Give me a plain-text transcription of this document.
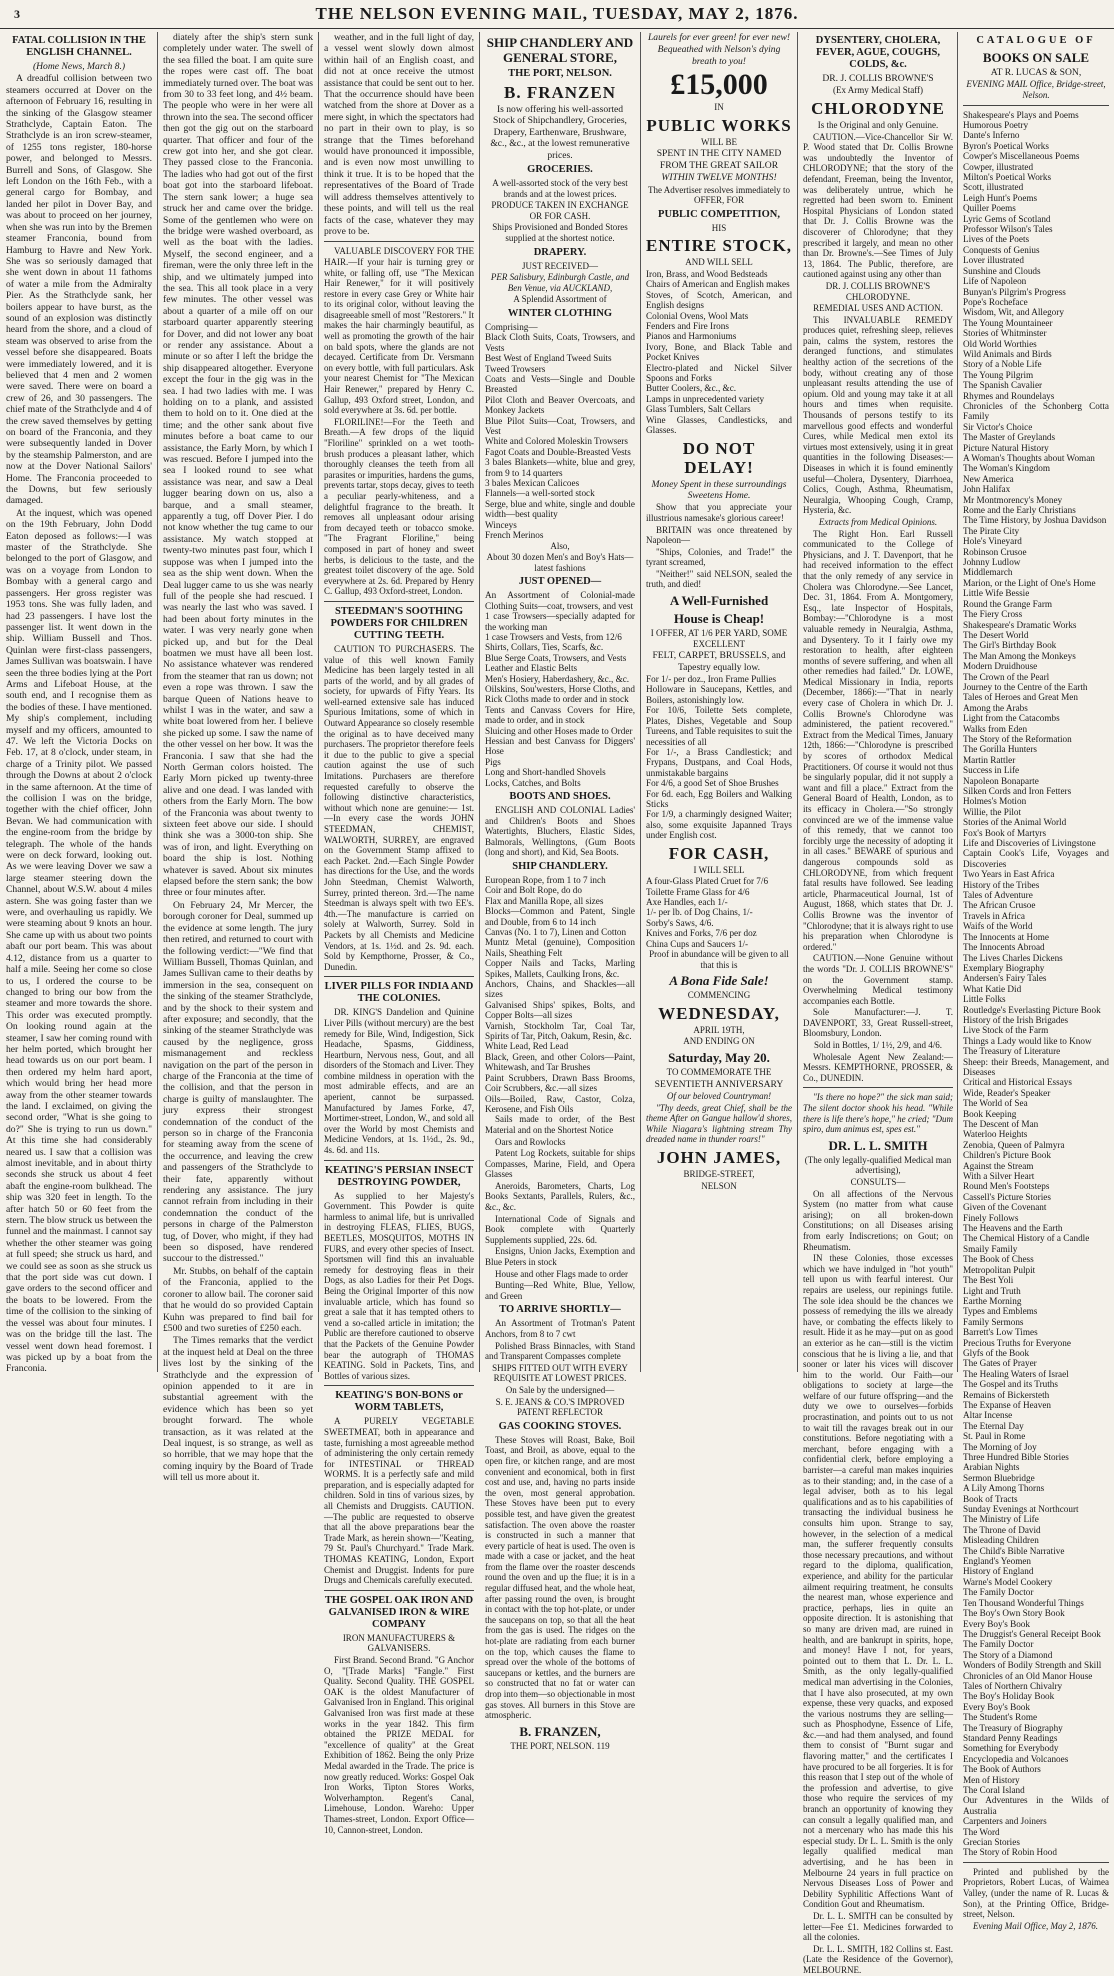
3	THE NELSON EVENING MAIL, TUESDAY, MAY 2, 1876.
FATAL COLLISION IN THE ENGLISH CHANNEL.

(Home News, March 8.)

A dreadful collision between two steamers occurred at Dover on the afternoon of February 16, resulting in the sinking of the Glasgow steamer Strathclyde, Captain Eaton. The Strathclyde is an iron screw-steamer, of 1255 tons register, 180-horse power, and belonged to Messrs. Burrell and Sons, of Glasgow. She left London on the 16th Feb., with a general cargo for Bombay, and landed her pilot in Dover Bay, and was about to proceed on her journey, when she was run into by the Bremen steamer Franconia, bound from Hamburg to Havre and New York. She was so seriously damaged that she went down in about 11 fathoms of water a mile from the Admiralty Pier. As the Strathclyde sank, her boilers appear to have burst, as the sound of an explosion was distinctly heard from the shore, and a cloud of steam was observed to arise from the vessel before she disappeared. Boats were immediately lowered, and it is believed that 4 men and 2 women were saved. There were on board a crew of 26, and 30 passengers. The chief mate of the Strathclyde and 4 of the crew saved themselves by getting on board of the Franconia, and they were subsequently landed in Dover by the steamship Palmerston, and are now at the Dover National Sailors' Home. The Franconia proceeded to the Downs, but few seriously damaged.

At the inquest, which was opened on the 19th February, John Dodd Eaton deposed as follows:—I was master of the Strathclyde. She belonged to the port of Glasgow, and was on a voyage from London to Bombay with a general cargo and passengers. Her gross register was 1953 tons. She was fully laden, and had 23 passengers. I have lost the passenger list. It went down in the ship. William Bussell and Thos. Quinlan were first-class passengers, James Sullivan was boatswain. I have seen the three bodies lying at the Port Arms and Lifeboat House, at the south end, and I recognise them as the bodies of these. I have mentioned. My ship's complement, including myself and my officers, amounted to 47. We left the Victoria Docks on Feb. 17, at 8 o'clock, under steam, in charge of a Trinity pilot. We passed through the Downs at about 2 o'clock in the same afternoon. At the time of the collision I was on the bridge, together with the chief officer, John Bevan. We had communication with the engine-room from the bridge by telegraph. The whole of the hands were on deck forward, looking out. As we were leaving Dover we saw a large steamer steering down the Channel, about W.S.W. about 4 miles astern. She was going faster than we were, and overhauling us rapidly. We were steaming about 9 knots an hour. She came up with us about two points abaft our port beam. This was about 4.12, distance from us a quarter to half a mile. Seeing her come so close to us, I ordered the course to be changed to bring our bow from the steamer and more towards the shore. This order was executed promptly. On looking round again at the steamer, I saw her coming round with her helm ported, which brought her head towards us on our port beam. I then ordered my helm hard aport, which would bring her head more away from the other steamer towards the land. I exclaimed, on giving the second order, "What is she going to do?" She is trying to run us down." At this time she had considerably neared us. I saw that a collision was almost inevitable, and in about thirty seconds she struck us about 4 feet abaft the engine-room bulkhead. The ship was 320 feet in length. To the after hatch 50 or 60 feet from the stern. The blow struck us between the funnel and the mainmast. I cannot say whether the other steamer was going at full speed; she struck us hard, and we could see as soon as she struck us that the port side was cut down. I gave orders to the second officer and the boats to be lowered. From the time of the collision to the sinking of the vessel was about four minutes. I was on the bridge till the last. The vessel went down head foremost. I was picked up by a boat from the Franconia.

diately after the ship's stern sunk completely under water. The swell of the sea filled the boat. I am quite sure the ropes were cast off. The boat immediately turned over. The boat was from 30 to 33 feet long, and 4½ beam. The people who were in her were all thrown into the sea. The second officer then got the gig out on the starboard quarter. That officer and four of the crew got into her, and she got clear. They passed close to the Franconia. The ladies who had got out of the first boat got into the starboard lifeboat. The stern sank lower; a huge sea struck her and came over the bridge. Some of the gentlemen who were on the bridge were washed overboard, as well as the boat with the ladies. Myself, the second engineer, and a fireman, were the only three left in the ship, and we ultimately jumped into the sea. This all took place in a very few minutes. The other vessel was about a quarter of a mile off on our starboard quarter apparently steering for Dover, and did not lower any boat or render any assistance. About a minute or so after I left the bridge the ship disappeared altogether. Everyone except the four in the gig was in the sea. I had two ladies with me. I was holding on to a plank, and assisted them to hold on to it. One died at the time; and the other sank about five minutes before a boat came to our assistance, the Early Morn, by which I was rescued. Before I jumped into the sea I looked round to see what assistance was near, and saw a Deal lugger bearing down on us, also a barque, and a small steamer, apparently a tug, off Dover Pier. I do not know whether the tug came to our assistance. My watch stopped at twenty-two minutes past four, which I suppose was when I jumped into the sea as the ship went down. When the Deal lugger came to us she was nearly full of the people she had rescued. I was nearly the last who was saved. I had been about forty minutes in the water. I was very nearly gone when picked up, and but for the Deal boatmen we must have all been lost. No assistance whatever was rendered from the steamer that ran us down; not even a rope was thrown. I saw the barque Queen of Nations heave to whilst I was in the water, and saw a white boat lowered from her. I believe she picked up some. I saw the name of the other vessel on her bow. It was the Franconia. I saw that she had the North German colors hoisted. The Early Morn picked up twenty-three alive and one dead. I was landed with others from the Early Morn. The bow of the Franconia was about twenty to sixteen feet above our side. I should think she was a 3000-ton ship. She was of iron, and light. Everything on board the ship is lost. Nothing whatever is saved. About six minutes elapsed before the stern sank; the bow three or four minutes after.

On February 24, Mr Mercer, the borough coroner for Deal, summed up the evidence at some length. The jury then retired, and returned to court with the following verdict:—"We find that William Bussell, Thomas Quinlan, and James Sullivan came to their deaths by immersion in the sea, consequent on the sinking of the steamer Strathclyde, and by the shock to their system and after exposure; and secondly, that the sinking of the steamer Strathclyde was caused by the negligence, gross mismanagement and reckless navigation on the part of the person in charge of the Franconia at the time of the collision, and that the person in charge is guilty of manslaughter. The jury express their strongest condemnation of the conduct of the person so in charge of the Franconia for steaming away from the scene of the occurrence, and leaving the crew and passengers of the Strathclyde to their fate, apparently without rendering any assistance. The jury cannot refrain from including in their condemnation the conduct of the persons in charge of the Palmerston tug, of Dover, who might, if they had been so disposed, have rendered succour to the distressed."

Mr. Stubbs, on behalf of the captain of the Franconia, applied to the coroner to allow bail. The coroner said that he would do so provided Captain Kuhn was prepared to find bail for £500 and two sureties of £250 each.

The Times remarks that the verdict at the inquest held at Deal on the three lives lost by the sinking of the Strathclyde and the expression of opinion appended to it are in substantial agreement with the evidence which has been so yet brought forward. The whole transaction, as it was related at the Deal inquest, is so strange, as well as so horrible, that we may hope that the coming inquiry by the Board of Trade will tell us more about it.

weather, and in the full light of day, a vessel went slowly down almost within hail of an English coast, and did not at once receive the utmost assistance that could be sent out to her. That the occurrence should have been watched from the shore at Dover as a mere sight, in which the spectators had no part in their own to play, is so strange that the Times beforehand would have pronounced it impossible, and is even now most unwilling to think it true. It is to be hoped that the representatives of the Board of Trade will address themselves attentively to these points, and will tell us the real facts of the case, whatever they may prove to be.

VALUABLE DISCOVERY FOR THE HAIR.—If your hair is turning grey or white, or falling off, use "The Mexican Hair Renewer," for it will positively restore in every case Grey or White hair to its original color, without leaving the disagreeable smell of most "Restorers." It makes the hair charmingly beautiful, as well as promoting the growth of the hair on bald spots, where the glands are not decayed. Certificate from Dr. Versmann on every bottle, with full particulars. Ask your nearest Chemist for "The Mexican Hair Renewer," prepared by Henry C. Gallup, 493 Oxford street, London, and sold everywhere at 3s. 6d. per bottle.

FLORILINE!—For the Teeth and Breath.—A few drops of the liquid "Floriline" sprinkled on a wet tooth-brush produces a pleasant lather, which thoroughly cleanses the teeth from all parasites or impurities, hardens the gums, prevents tartar, stops decay, gives to teeth a peculiar pearly-whiteness, and a delightful fragrance to the breath. It removes all unpleasant odour arising from decayed teeth or tobacco smoke. "The Fragrant Floriline," being composed in part of honey and sweet herbs, is delicious to the taste, and the greatest toilet discovery of the age. Sold everywhere at 2s. 6d. Prepared by Henry C. Gallup, 493 Oxford-street, London.

STEEDMAN'S SOOTHING POWDERS FOR CHILDREN CUTTING TEETH.

CAUTION TO PURCHASERS. The value of this well known Family Medicine has been largely tested in all parts of the world, and by all grades of society, for upwards of Fifty Years. Its well-earned extensive sale has induced Spurious Imitations, some of which in Outward Appearance so closely resemble the original as to have deceived many purchasers. The proprietor therefore feels it due to the public to give a special caution against the use of such Imitations. Purchasers are therefore requested carefully to observe the following distinctive characteristics, without which none are genuine:— 1st.—In every case the words JOHN STEEDMAN, CHEMIST, WALWORTH, SURREY, are engraved on the Government Stamp affixed to each Packet. 2nd.—Each Single Powder has directions for the Use, and the words John Steedman, Chemist Walworth, Surrey, printed thereon. 3rd.—The name Steedman is always spelt with two EE's. 4th.—The manufacture is carried on solely at Walworth, Surrey. Sold in Packets by all Chemists and Medicine Vendors, at 1s. 1½d. and 2s. 9d. each. Sold by Kempthorne, Prosser, & Co., Dunedin.

LIVER PILLS FOR INDIA AND THE COLONIES.

DR. KING'S Dandelion and Quinine Liver Pills (without mercury) are the best remedy for Bile, Wind, Indigestion, Sick Headache, Spasms, Giddiness, Heartburn, Nervous ness, Gout, and all disorders of the Stomach and Liver. They combine mildness in operation with the most admirable effects, and are an aperient, cannot be surpassed. Manufactured by James Forke, 47, Mortimer-street, London, W., and sold all over the World by most Chemists and Medicine Vendors, at 1s. 1½d., 2s. 9d., 4s. 6d. and 11s.

KEATING'S PERSIAN INSECT DESTROYING POWDER,

As supplied to her Majesty's Government. This Powder is quite harmless to animal life, but is unrivalled in destroying FLEAS, FLIES, BUGS, BEETLES, MOSQUITOS, MOTHS IN FURS, and every other species of Insect. Sportsmen will find this an invaluable remedy for destroying fleas in their Dogs, as also Ladies for their Pet Dogs. Being the Original Importer of this now invaluable article, which has found so great a sale that it has tempted others to vend a so-called article in imitation; the Public are therefore cautioned to observe that the Packets of the Genuine Powder bear the autograph of THOMAS KEATING. Sold in Packets, Tins, and Bottles of various sizes.

KEATING'S BON-BONS or WORM TABLETS,

A PURELY VEGETABLE SWEETMEAT, both in appearance and taste, furnishing a most agreeable method of administering the only certain remedy for INTESTINAL or THREAD WORMS. It is a perfectly safe and mild preparation, and is especially adapted for children. Sold in tins of various sizes, by all Chemists and Druggists. CAUTION.—The public are requested to observe that all the above preparations bear the Trade Mark, as herein shown—"Keating, 79 St. Paul's Churchyard." Trade Mark. THOMAS KEATING, London, Export Chemist and Druggist. Indents for pure Drugs and Chemicals carefully executed.

THE GOSPEL OAK IRON AND GALVANISED IRON & WIRE COMPANY

IRON MANUFACTURERS & GALVANISERS.

First Brand. Second Brand. "G Anchor O, "[Trade Marks] "Fangle." First Quality. Second Quality. THE GOSPEL OAK is the oldest Manufacturer of Galvanised Iron in England. This original Galvanised Iron was first made at these works in the year 1842. This firm obtained the PRIZE MEDAL for "excellence of quality" at the Great Exhibition of 1862. Being the only Prize Medal awarded in the Trade. The price is now greatly reduced. Works: Gospel Oak Iron Works, Tipton Stores Works, Wolverhampton. Regent's Canal, Limehouse, London. Wareho: Upper Thames-street, London. Export Office—10, Cannon-street, London.

SHIP CHANDLERY AND GENERAL STORE,
THE PORT, NELSON.
B. FRANZEN

Is now offering his well-assorted Stock of Shipchandlery, Groceries, Drapery, Earthenware, Brushware, &c., &c., at the lowest remunerative prices.

GROCERIES.

A well-assorted stock of the very best brands and at the lowest prices.

PRODUCE TAKEN IN EXCHANGE OR FOR CASH.

Ships Provisioned and Bonded Stores supplied at the shortest notice.

DRAPERY.

JUST RECEIVED—

PER Salisbury, Edinburgh Castle, and Ben Venue, via AUCKLAND,

A Splendid Assortment of

WINTER CLOTHING
Comprising—
Black Cloth Suits, Coats, Trowsers, and Vests
Best West of England Tweed Suits
Tweed Trowsers
Coats and Vests—Single and Double Breasted
Pilot Cloth and Beaver Overcoats, and Monkey Jackets
Blue Pilot Suits—Coat, Trowsers, and Vest
White and Colored Moleskin Trowsers
Fagot Coats and Double-Breasted Vests
3 bales Blankets—white, blue and grey, from 9 to 14 quarters
3 bales Mexican Calicoes
Flannels—a well-sorted stock
Serge, blue and white, single and double width—best quality
Winceys
French Merinos

Also,

About 30 dozen Men's and Boy's Hats—latest fashions

JUST OPENED—
An Assortment of Colonial-made Clothing Suits—coat, trowsers, and vest
1 case Trowsers—specially adapted for the working man
1 case Trowsers and Vests, from 12/6
Shirts, Collars, Ties, Scarfs, &c.
Blue Serge Coats, Trowsers, and Vests
Leather and Elastic Belts
Men's Hosiery, Haberdashery, &c., &c.
Oilskins, Sou'westers, Horse Cloths, and Rick Cloths made to order and in stock
Tents and Canvass Covers for Hire, made to order, and in stock
Sluicing and other Hoses made to Order
Hessian and best Canvass for Diggers' Hose
Pigs
Long and Short-handled Shovels
Locks, Catches, and Bolts
BOOTS AND SHOES.

ENGLISH AND COLONIAL Ladies' and Children's Boots and Shoes Watertights, Bluchers, Elastic Sides, Balmorals, Wellingtons, (Gum Boots (long and short), and Kid, Sea Boots.

SHIP CHANDLERY.
European Rope, from 1 to 7 inch
Coir and Bolt Rope, do do
Flax and Manilla Rope, all sizes
Blocks—Common and Patent, Single and Double, from 6 to 14 inch
Canvas (No. 1 to 7), Linen and Cotton
Muntz Metal (genuine), Composition Nails, Sheathing Felt
Copper Nails and Tacks, Marling Spikes, Mallets, Caulking Irons, &c.
Anchors, Chains, and Shackles—all sizes
Galvanised Ships' spikes, Bolts, and Copper Bolts—all sizes
Varnish, Stockholm Tar, Coal Tar, Spirits of Tar, Pitch, Oakum, Resin, &c.
White Lead, Red Lead
Black, Green, and other Colors—Paint, Whitewash, and Tar Brushes
Paint Scrubbers, Drawn Bass Brooms, Coir Scrubbers, &c.—all sizes
Oils—Boiled, Raw, Castor, Colza, Kerosene, and Fish Oils

Sails made to order, of the Best Material and on the Shortest Notice

Oars and Rowlocks

Patent Log Rockets, suitable for ships Compasses, Marine, Field, and Opera Glasses

Aneroids, Barometers, Charts, Log Books Sextants, Parallels, Rulers, &c., &c., &c.

International Code of Signals and Book complete with Quarterly Supplements supplied, 22s. 6d.

Ensigns, Union Jacks, Exemption and Blue Peters in stock

House and other Flags made to order

Bunting—Red White, Blue, Yellow, and Green

TO ARRIVE SHORTLY—

An Assortment of Trotman's Patent Anchors, from 8 to 7 cwt

Polished Brass Binnacles, with Stand and Transparent Compasses complete

SHIPS FITTED OUT WITH EVERY REQUISITE AT LOWEST PRICES.

On Sale by the undersigned—

S. E. JEANS & CO.'S IMPROVED PATENT REFLECTOR

GAS COOKING STOVES.

These Stoves will Roast, Bake, Boil Toast, and Broil, as above, equal to the open fire, or kitchen range, and are most convenient and economical, both in first cost and use, and, having no parts inside the oven, most general approbation. These Stoves have been put to every possible test, and have given the greatest satisfaction. The oven above the roaster is constructed in such a manner that every particle of heat is used. The oven is made with a case or jacket, and the heat from the flame over the roaster descends round the oven and up the flue; it is in a regular diffused heat, and the whole heat, after passing round the oven, is brought in contact with the top hot-plate, or under the saucepans on top, so that all the heat from the gas is used. The ridges on the hot-plate are radiating from each burner on the top, which causes the flame to spread over the whole of the bottoms of saucepans or kettles, and the burners are so constructed that no fat or water can drop into them—so objectionable in most gas stoves. All burners in this Stove are atmospheric.

B. FRANZEN,

THE PORT, NELSON. 119

Laurels for ever green! for ever new!

Bequeathed with Nelson's dying breath to you!

£15,000

IN

PUBLIC WORKS

WILL BE

SPENT IN THE CITY NAMED FROM THE GREAT SAILOR

WITHIN TWELVE MONTHS!

The Advertiser resolves immediately to OFFER, FOR

PUBLIC COMPETITION,

HIS

ENTIRE STOCK,

AND WILL SELL

Iron, Brass, and Wood Bedsteads
Chairs of American and English makes
Stoves, of Scotch, American, and English designs
Colonial Ovens, Wool Mats
Fenders and Fire Irons
Pianos and Harmoniums
Ivory, Bone, and Black Table and Pocket Knives
Electro-plated and Nickel Silver Spoons and Forks
Butter Coolers, &c., &c.
Lamps in unprecedented variety
Glass Tumblers, Salt Cellars
Wine Glasses, Candlesticks, and Glasses.
DO NOT DELAY!

Money Spent in these surroundings Sweetens Home.

Show that you appreciate your illustrious namesake's glorious career!

BRITAIN was once threatened by Napoleon—

"Ships, Colonies, and Trade!" the tyrant screamed,

"Neither!" said NELSON, sealed the truth, and died!

A Well-Furnished
House is Cheap!

I OFFER, AT 1/6 PER YARD, SOME EXCELLENT

FELT, CARPET, BRUSSELS, and Tapestry equally low.

For 1/- per doz., Iron Frame Pullies
Holloware in Saucepans, Kettles, and Boilers, astonishingly low.
For 10/6, Toilette Sets complete, Plates, Dishes, Vegetable and Soup Tureens, and Table requisites to suit the necessities of all
For 1/-, a Brass Candlestick; and Frypans, Dustpans, and Coal Hods, unmistakable bargains
For 4/6, a good Set of Shoe Brushes
For 6d. each, Egg Boilers and Walking Sticks
For 1/9, a charmingly designed Waiter; also, some exquisite Japanned Trays under English cost.
FOR CASH,

I WILL SELL

A four-Glass Plated Cruet for 7/6
Toilette Frame Glass for 4/6
Axe Handles, each 1/-
1/- per lb. of Dog Chains, 1/-
Sorby's Saws, 4/6.
Knives and Forks, 7/6 per doz
China Cups and Saucers 1/-

Proof in abundance will be given to all that this is

A Bona Fide Sale!

COMMENCING

WEDNESDAY,

APRIL 19TH,

AND ENDING ON

Saturday, May 20.

TO COMMEMORATE THE

SEVENTIETH ANNIVERSARY

Of our beloved Countryman!

"Thy deeds, great Chief, shall be the theme After on Gangue hallow'd shores, While Niagara's lightning stream Thy dreaded name in thunder roars!"

JOHN JAMES,

BRIDGE-STREET,

NELSON

DYSENTERY, CHOLERA, FEVER, AGUE, COUGHS, COLDS, &c.

DR. J. COLLIS BROWNE'S

(Ex Army Medical Staff)

CHLORODYNE

Is the Original and only Genuine.

CAUTION.—Vice-Chancellor Sir W. P. Wood stated that Dr. Collis Browne was undoubtedly the Inventor of CHLORODYNE; that the story of the defendant, Freeman, being the Inventor, was deliberately untrue, which he regretted had been sworn to. Eminent Hospital Physicians of London stated that Dr. J. Collis Browne was the discoverer of Chlorodyne; that they prescribed it largely, and mean no other than Dr. Browne's.—See Times of July 13, 1864. The Public, therefore, are cautioned against using any other than

DR. J. COLLIS BROWNE'S CHLORODYNE.

REMEDIAL USES AND ACTION.

This INVALUABLE REMEDY produces quiet, refreshing sleep, relieves pain, calms the system, restores the deranged functions, and stimulates healthy action of the secretions of the body, without creating any of those unpleasant results attending the use of opium. Old and young may take it at all hours and times when requisite. Thousands of persons testify to its marvellous good effects and wonderful Cures, while Medical men extol its virtues most extensively, using it in great quantities in the following Diseases:— Diseases in which it is found eminently useful—Cholera, Dysentery, Diarrhoea, Colics, Cough, Asthma, Rheumatism, Neuralgia, Whooping Cough, Cramp, Hysteria, &c.

Extracts from Medical Opinions.

The Right Hon. Earl Russell communicated to the College of Physicians, and J. T. Davenport, that he had received information to the effect that the only remedy of any service in Cholera was Chlorodyne.—See Lancet, Dec. 31, 1864. From A. Montgomery, Esq., late Inspector of Hospitals, Bombay:—"Chlorodyne is a most valuable remedy in Neuralgia, Asthma, and Dysentery. To it I fairly owe my restoration to health, after eighteen months of severe suffering, and when all other remedies had failed." Dr. LOWE, Medical Missionary in India, reports (December, 1866):—"That in nearly every case of Cholera in which Dr. J. Collis Browne's Chlorodyne was administered, the patient recovered." Extract from the Medical Times, January 12th, 1866:—"Chlorodyne is prescribed by scores of orthodox Medical Practitioners. Of course it would not thus be singularly popular, did it not supply a want and fill a place." Extract from the General Board of Health, London, as to its efficacy in Cholera.—"So strongly convinced are we of the immense value of this remedy, that we cannot too forcibly urge the necessity of adopting it in all cases." BEWARE of spurious and dangerous compounds sold as CHLORODYNE, from which frequent fatal results have followed. See leading article, Pharmaceutical Journal, 1st of August, 1868, which states that Dr. J. Collis Browne was the inventor of "Chlorodyne; that it is always right to use his preparation when Chlorodyne is ordered."

CAUTION.—None Genuine without the words "Dr. J. COLLIS BROWNE'S" on the Government stamp. Overwhelming Medical testimony accompanies each Bottle.

Sole Manufacturer:—J. T. DAVENPORT, 33, Great Russell-street, Bloomsbury, London.

Sold in Bottles, 1/ 1½, 2/9, and 4/6.

Wholesale Agent New Zealand:—Messrs. KEMPTHORNE, PROSSER, & Co., DUNEDIN.

"Is there no hope?" the sick man said; The silent doctor shook his head. "While there is life there's hope," he cried; "Dum spiro, dum animus est, spes est."

DR. L. L. SMITH

(The only legally-qualified Medical man advertising),

CONSULTS—

On all affections of the Nervous System (no matter from what cause arising); on all broken-down Constitutions; on all Diseases arising from early Indiscretions; on Gout; on Rheumatism.

IN these Colonies, those excesses which we have indulged in "hot youth" tell upon us with fearful interest. Our repairs are useless, our repinings futile. The sole idea should be the chances we possess of remedying the ills we already have, or combating the effects likely to result. Hide it as he may—put on as good an exterior as he can—still is the victim conscious that he is living a lie, and that sooner or later his vices will discover him to the world. Our Faith—our obligations to society at large—the welfare of our future offspring—and the duty we owe to ourselves—forbids procrastination, and points out to us not to wait till the ravages break out in our constitutions. Before negotiating with a merchant, before engaging with a confidential clerk, before employing a barrister—a careful man makes inquiries as to their standing; and, in the case of a legal adviser, both as to his legal qualifications and as to his capabilities of transacting the individual business he consults him upon. Strange to say, however, in the selection of a medical man, the sufferer frequently consults those necessary precautions, and without regard to the diploma, qualification, experience, and ability for the particular ailment requiring treatment, he consults the nearest man, whose experience and practice, perhaps, lies in quite an opposite direction. It is astonishing that so many are driven mad, are ruined in health, and are bankrupt in spirits, hope, and money! Have I not, for years, pointed out to them that L. Dr. L. L. Smith, as the only legally-qualified medical man advertising in the Colonies, that I have also prosecuted, at my own expense, these very quacks, and exposed the various nostrums they are selling—such as Phosphodyne, Essence of Life, &c.—and had them analysed, and found them to consist of "Burnt sugar and flavoring matter," and the certificates I have procured to be all forgeries. It is for this reason that I step out of the whole of the profession and advertise, to give those who require the services of my branch an opportunity of knowing they can consult a legally qualified man, and not a mercenary who has made this his especial study. Dr L. L. Smith is the only legally qualified medical man advertising, and he has been in Melbourne 24 years in full practice on Nervous Diseases Loss of Power and Debility Syphilitic Affections Want of Condition Gout and Rheumatism.

Dr. L. L. SMITH can be consulted by letter—Fee £1. Medicines forwarded to all the colonies.

Dr. L. L. SMITH, 182 Collins st. East. (Late the Residence of the Governor), MELBOURNE.

CATALOGUE OF
BOOKS ON SALE

AT R. LUCAS & SON,

EVENING MAIL Office, Bridge-street, Nelson.

Shakespeare's Plays and Poems
Humorous Poetry
Dante's Inferno
Byron's Poetical Works
Cowper's Miscellaneous Poems
Cowper, illustrated
Milton's Poetical Works
Scott, illustrated
Leigh Hunt's Poems
Quiller Poems
Lyric Gems of Scotland
Professor Wilson's Tales
Lives of the Poets
Conquests of Genius
Lover illustrated
Sunshine and Clouds
Life of Napoleon
Bunyan's Pilgrim's Progress
Pope's Rocheface
Wisdom, Wit, and Allegory
The Young Mountaineer
Stories of Whitminster
Old World Worthies
Wild Animals and Birds
Story of a Noble Life
The Young Pilgrim
The Spanish Cavalier
Rhymes and Roundelays
Chronicles of the Schonberg Cotta Family
Sir Victor's Choice
The Master of Greylands
Picture Natural History
A Woman's Thoughts about Woman
The Woman's Kingdom
New America
John Halifax
Mr Montmorency's Money
Rome and the Early Christians
The Time History, by Joshua Davidson
The Pirate City
Hole's Vineyard
Robinson Crusoe
Johnny Ludlow
Middlemarch
Marion, or the Light of One's Home
Little Wife Bessie
Round the Grange Farm
The Fiery Cross
Shakespeare's Dramatic Works
The Desert World
The Girl's Birthday Book
The Man Among the Monkeys
Modern Druidhouse
The Crown of the Pearl
Journey to the Centre of the Earth
Tales of Heroes and Great Men
Among the Arabs
Light from the Catacombs
Walks from Eden
The Story of the Reformation
The Gorilla Hunters
Martin Rattler
Success in Life
Napoleon Bonaparte
Silken Cords and Iron Fetters
Holmes's Motion
Willie, the Pilot
Stories of the Animal World
Fox's Book of Martyrs
Life and Discoveries of Livingstone
Captain Cook's Life, Voyages and Discoveries
Two Years in East Africa
History of the Tribes
Tales of Adventure
The African Crusoe
Travels in Africa
Waifs of the World
The Innocents at Home
The Innocents Abroad
The Lives Charles Dickens
Exemplary Biography
Andersen's Fairy Tales
What Katie Did
Little Folks
Routledge's Everlasting Picture Book
History of the Irish Brigades
Live Stock of the Farm
Things a Lady would like to Know
The Treasury of Literature
Sheep: their Breeds, Management, and Diseases
Critical and Historical Essays
Wide, Reader's Speaker
The World of Sea
Book Keeping
The Descent of Man
Waterloo Heights
Zenobia, Queen of Palmyra
Children's Picture Book
Against the Stream
With a Silver Heart
Round Men's Footsteps
Cassell's Picture Stories
Given of the Covenant
Finely Follows
The Heavens and the Earth
The Chemical History of a Candle
Smaily Family
The Book of Chess
Metropolitan Pulpit
The Best Yoli
Light and Truth
Earthe Morning
Types and Emblems
Family Sermons
Barrett's Low Times
Precious Truths for Everyone
Glyfs of the Book
The Gates of Prayer
The Healing Waters of Israel
The Gospel and its Truths
Remains of Bickersteth
The Expanse of Heaven
Altar Incense
The Eternal Day
St. Paul in Rome
The Morning of Joy
Three Hundred Bible Stories
Arabian Nights
Sermon Bluebridge
A Lily Among Thorns
Book of Tracts
Sunday Evenings at Northcourt
The Ministry of Life
The Throne of David
Misleading Children
The Child's Bible Narrative
England's Yeomen
History of England
Warne's Model Cookery
The Family Doctor
Ten Thousand Wonderful Things
The Boy's Own Story Book
Every Boy's Book
The Druggist's General Receipt Book
The Family Doctor
The Story of a Diamond
Wonders of Bodily Strength and Skill
Chronicles of an Old Manor House
Tales of Northern Chivalry
The Boy's Holiday Book
Every Boy's Book
The Student's Rome
The Treasury of Biography
Standard Penny Readings
Something for Everybody
Encyclopedia and Volcanoes
The Book of Authors
Men of History
The Coral Island
Our Adventures in the Wilds of Australia
Carpenters and Joiners
The Word
Grecian Stories
The Story of Robin Hood

Printed and published by the Proprietors, Robert Lucas, of Waimea Valley, (under the name of R. Lucas & Son), at the Printing Office, Bridge-street, Nelson.

Evening Mail Office, May 2, 1876.
